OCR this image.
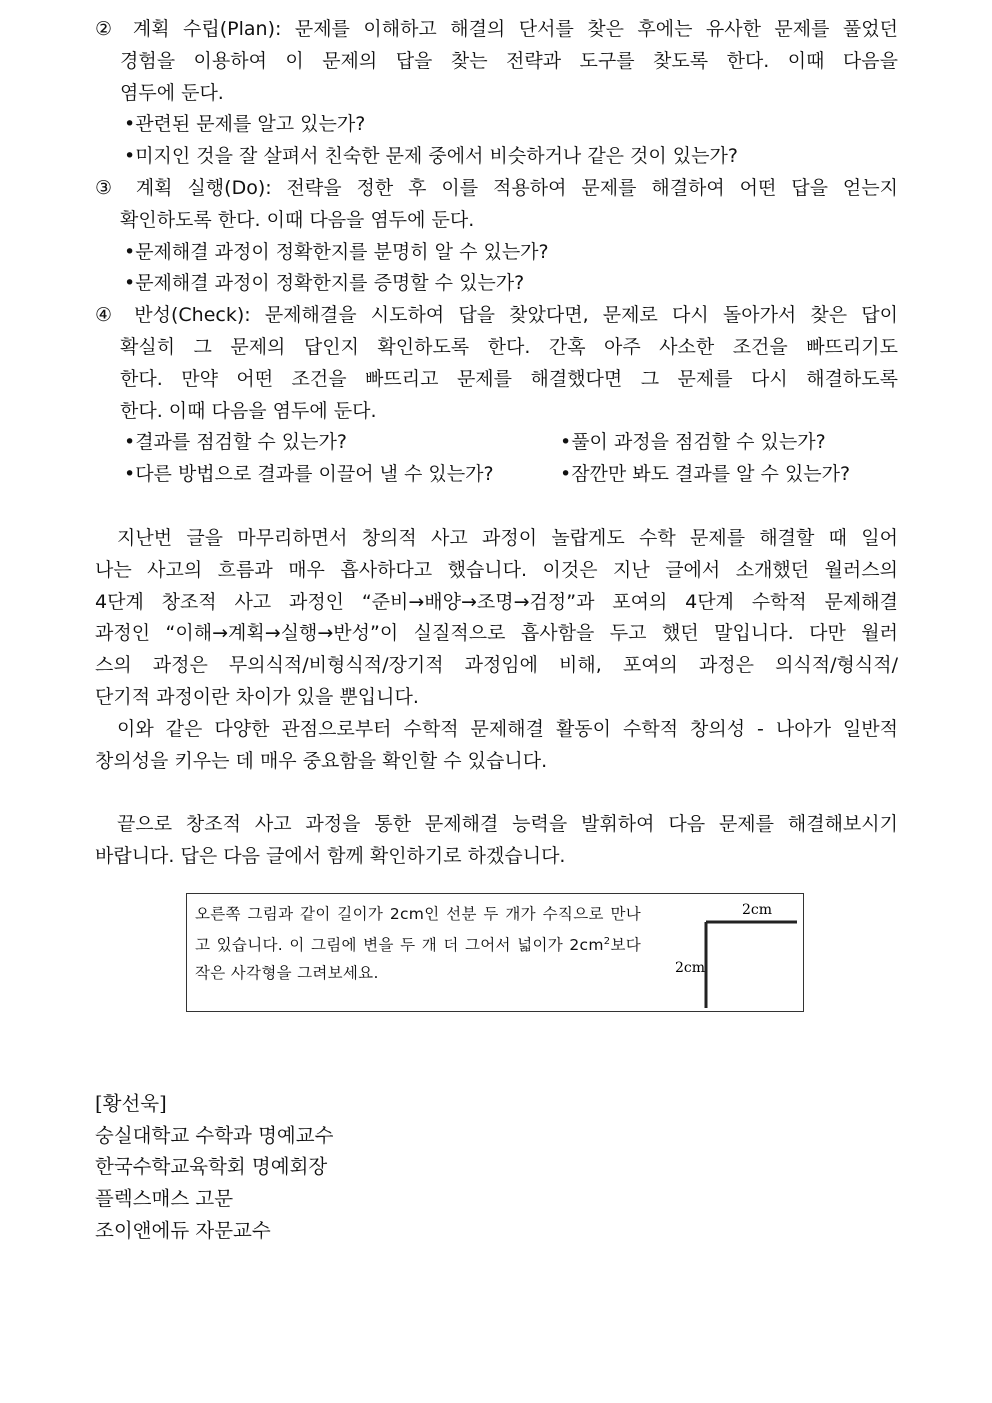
② 계획 수립(Plan): 문제를 이해하고 해결의 단서를 찾은 후에는 유사한 문제를 풀었던
경험을 이용하여 이 문제의 답을 찾는 전략과 도구를 찾도록 한다. 이때 다음을
염두에 둔다.
•관련된 문제를 알고 있는가?
•미지인 것을 잘 살펴서 친숙한 문제 중에서 비슷하거나 같은 것이 있는가?
③ 계획 실행(Do): 전략을 정한 후 이를 적용하여 문제를 해결하여 어떤 답을 얻는지
확인하도록 한다. 이때 다음을 염두에 둔다.
•문제해결 과정이 정확한지를 분명히 알 수 있는가?
•문제해결 과정이 정확한지를 증명할 수 있는가?
④ 반성(Check): 문제해결을 시도하여 답을 찾았다면, 문제로 다시 돌아가서 찾은 답이
확실히 그 문제의 답인지 확인하도록 한다. 간혹 아주 사소한 조건을 빠뜨리기도
한다. 만약 어떤 조건을 빠뜨리고 문제를 해결했다면 그 문제를 다시 해결하도록
한다. 이때 다음을 염두에 둔다.
•결과를 점검할 수 있는가?	•풀이 과정을 점검할 수 있는가?
•다른 방법으로 결과를 이끌어 낼 수 있는가?	•잠깐만 봐도 결과를 알 수 있는가?
지난번 글을 마무리하면서 창의적 사고 과정이 놀랍게도 수학 문제를 해결할 때 일어
나는 사고의 흐름과 매우 흡사하다고 했습니다. 이것은 지난 글에서 소개했던 월러스의
4단계 창조적 사고 과정인 “준비→배양→조명→검정”과 포여의 4단계 수학적 문제해결
과정인 “이해→계획→실행→반성”이 실질적으로 흡사함을 두고 했던 말입니다. 다만 월러
스의 과정은 무의식적/비형식적/장기적 과정임에 비해, 포여의 과정은 의식적/형식적/
단기적 과정이란 차이가 있을 뿐입니다.
이와 같은 다양한 관점으로부터 수학적 문제해결 활동이 수학적 창의성 - 나아가 일반적
창의성을 키우는 데 매우 중요함을 확인할 수 있습니다.
끝으로 창조적 사고 과정을 통한 문제해결 능력을 발휘하여 다음 문제를 해결해보시기
바랍니다. 답은 다음 글에서 함께 확인하기로 하겠습니다.
오른쪽 그림과 같이 길이가 2cm인 선분 두 개가 수직으로 만나고 있습니다. 이 그림에 변을 두 개 더 그어서 넓이가 $2cm^2$보다 작은 사각형을 그려보세요.
2cm
2cm
[황선욱]
숭실대학교 수학과 명예교수
한국수학교육학회 명예회장
플렉스매스 고문
조이앤에듀 자문교수
